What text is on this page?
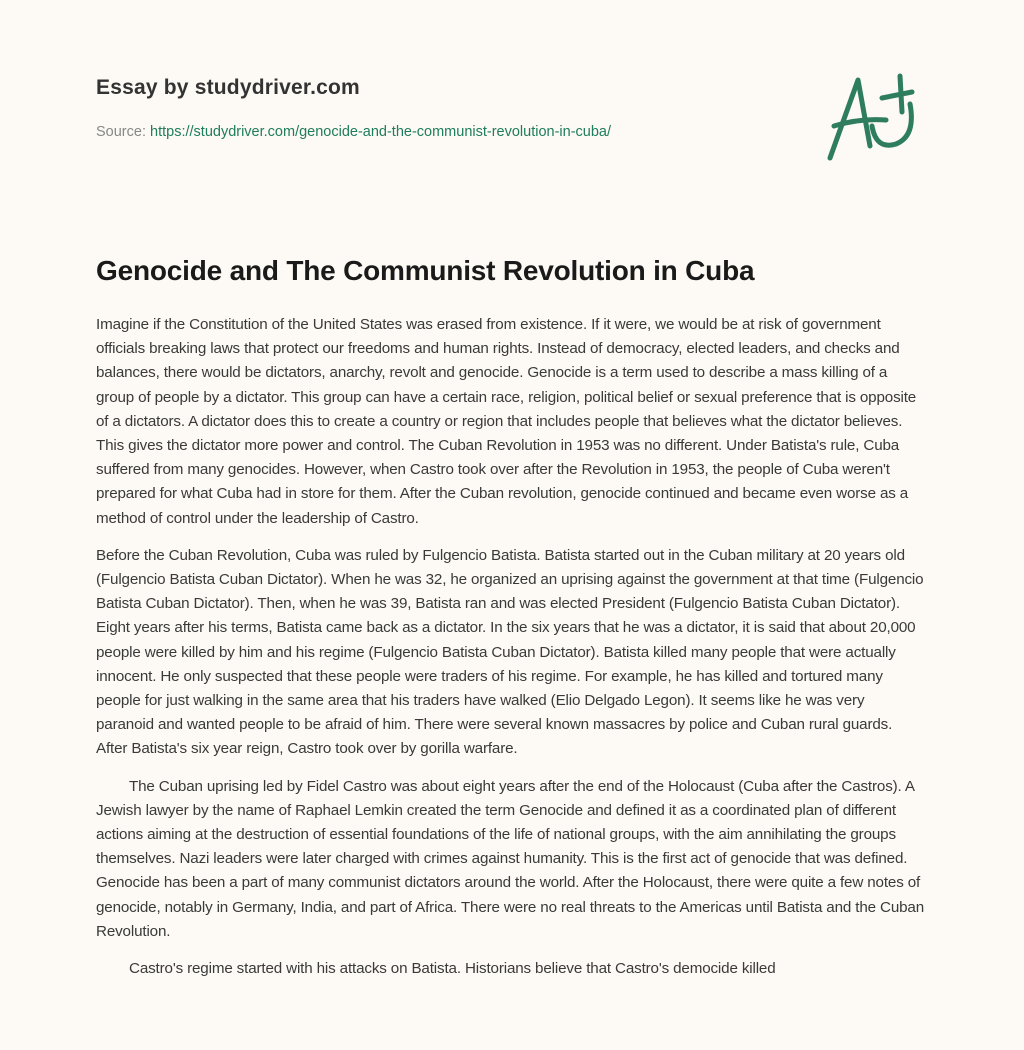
Essay by studydriver.com
Source: https://studydriver.com/genocide-and-the-communist-revolution-in-cuba/
Genocide and The Communist Revolution in Cuba

Imagine if the Constitution of the United States was erased from existence. If it were, we would be at risk of government officials breaking laws that protect our freedoms and human rights. Instead of democracy, elected leaders, and checks and balances, there would be dictators, anarchy, revolt and genocide. Genocide is a term used to describe a mass killing of a group of people by a dictator. This group can have a certain race, religion, political belief or sexual preference that is opposite of a dictators. A dictator does this to create a country or region that includes people that believes what the dictator believes. This gives the dictator more power and control. The Cuban Revolution in 1953 was no different. Under Batista's rule, Cuba suffered from many genocides. However, when Castro took over after the Revolution in 1953, the people of Cuba weren't prepared for what Cuba had in store for them. After the Cuban revolution, genocide continued and became even worse as a method of control under the leadership of Castro.

Before the Cuban Revolution, Cuba was ruled by Fulgencio Batista. Batista started out in the Cuban military at 20 years old (Fulgencio Batista Cuban Dictator). When he was 32, he organized an uprising against the government at that time (Fulgencio Batista Cuban Dictator). Then, when he was 39, Batista ran and was elected President (Fulgencio Batista Cuban Dictator). Eight years after his terms, Batista came back as a dictator. In the six years that he was a dictator, it is said that about 20,000 people were killed by him and his regime (Fulgencio Batista Cuban Dictator). Batista killed many people that were actually innocent. He only suspected that these people were traders of his regime. For example, he has killed and tortured many people for just walking in the same area that his traders have walked (Elio Delgado Legon). It seems like he was very paranoid and wanted people to be afraid of him. There were several known massacres by police and Cuban rural guards. After Batista's six year reign, Castro took over by gorilla warfare.

The Cuban uprising led by Fidel Castro was about eight years after the end of the Holocaust (Cuba after the Castros). A Jewish lawyer by the name of Raphael Lemkin created the term Genocide and defined it as a coordinated plan of different actions aiming at the destruction of essential foundations of the life of national groups, with the aim annihilating the groups themselves. Nazi leaders were later charged with crimes against humanity. This is the first act of genocide that was defined. Genocide has been a part of many communist dictators around the world. After the Holocaust, there were quite a few notes of genocide, notably in Germany, India, and part of Africa. There were no real threats to the Americas until Batista and the Cuban Revolution.

Castro's regime started with his attacks on Batista. Historians believe that Castro's democide killed
